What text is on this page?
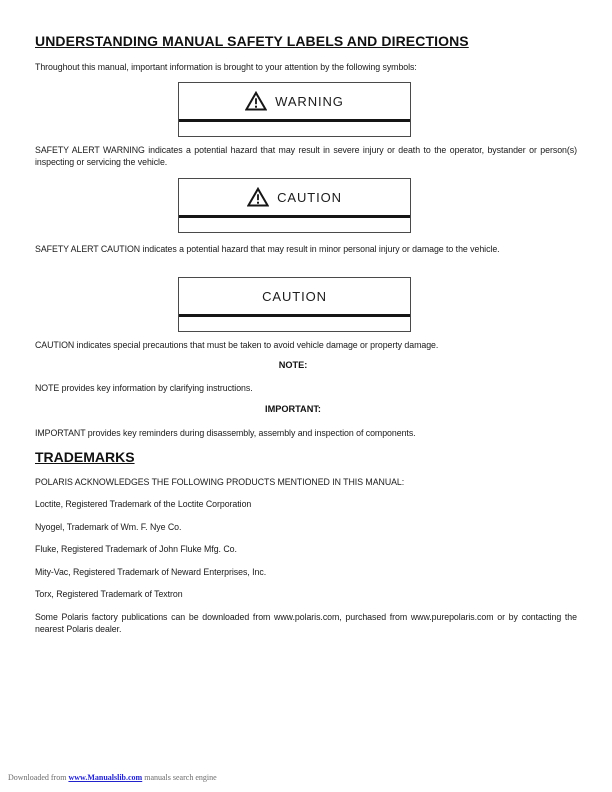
UNDERSTANDING MANUAL SAFETY LABELS AND DIRECTIONS

Throughout this manual, important information is brought to your attention by the following symbols:

WARNING

SAFETY ALERT WARNING indicates a potential hazard that may result in severe injury or death to the operator, bystander or person(s) inspecting or servicing the vehicle.

CAUTION

SAFETY ALERT CAUTION indicates a potential hazard that may result in minor personal injury or damage to the vehicle.

CAUTION

CAUTION indicates special precautions that must be taken to avoid vehicle damage or property damage.

NOTE:

NOTE provides key information by clarifying instructions.

IMPORTANT:

IMPORTANT provides key reminders during disassembly, assembly and inspection of components.

TRADEMARKS

POLARIS ACKNOWLEDGES THE FOLLOWING PRODUCTS MENTIONED IN THIS MANUAL:

Loctite, Registered Trademark of the Loctite Corporation
Nyogel, Trademark of Wm. F. Nye Co.
Fluke, Registered Trademark of John Fluke Mfg. Co.
Mity-Vac, Registered Trademark of Neward Enterprises, Inc.
Torx, Registered Trademark of Textron

Some Polaris factory publications can be downloaded from www.polaris.com, purchased from www.purepolaris.com or by contacting the nearest Polaris dealer.

Downloaded from www.Manualslib.com manuals search engine
